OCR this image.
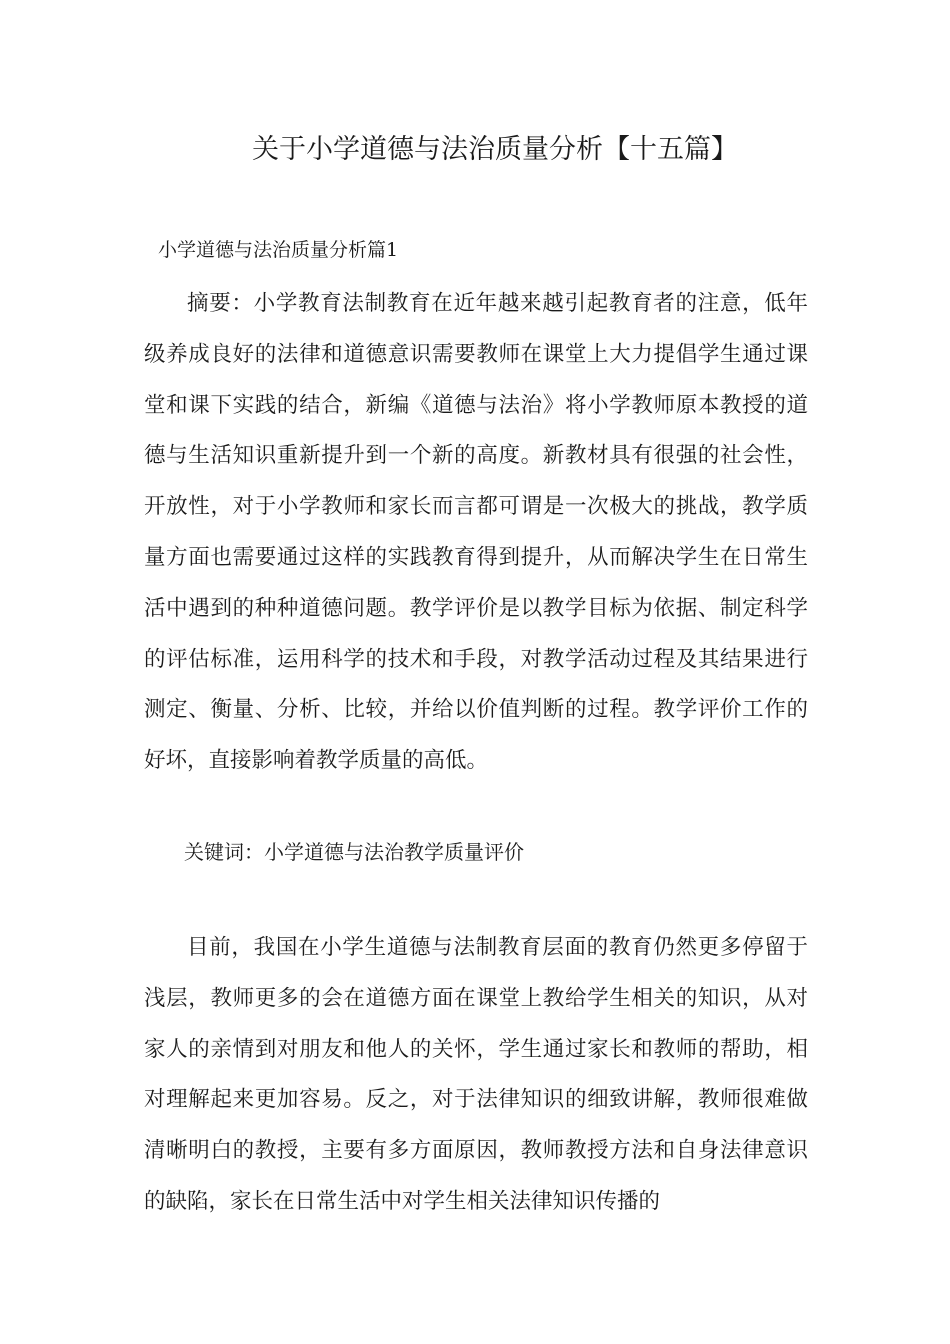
关于小学道德与法治质量分析【十五篇】

小学道德与法治质量分析篇1

摘要：小学教育法制教育在近年越来越引起教育者的注意，低年级养成良好的法律和道德意识需要教师在课堂上大力提倡学生通过课堂和课下实践的结合，新编《道德与法治》将小学教师原本教授的道德与生活知识重新提升到一个新的高度。新教材具有很强的社会性，开放性，对于小学教师和家长而言都可谓是一次极大的挑战，教学质量方面也需要通过这样的实践教育得到提升，从而解决学生在日常生活中遇到的种种道德问题。教学评价是以教学目标为依据、制定科学的评估标准，运用科学的技术和手段，对教学活动过程及其结果进行测定、衡量、分析、比较，并给以价值判断的过程。教学评价工作的好坏，直接影响着教学质量的高低。

关键词：小学道德与法治教学质量评价

目前，我国在小学生道德与法制教育层面的教育仍然更多停留于浅层，教师更多的会在道德方面在课堂上教给学生相关的知识，从对家人的亲情到对朋友和他人的关怀，学生通过家长和教师的帮助，相对理解起来更加容易。反之，对于法律知识的细致讲解，教师很难做清晰明白的教授，主要有多方面原因，教师教授方法和自身法律意识的缺陷，家长在日常生活中对学生相关法律知识传播的
